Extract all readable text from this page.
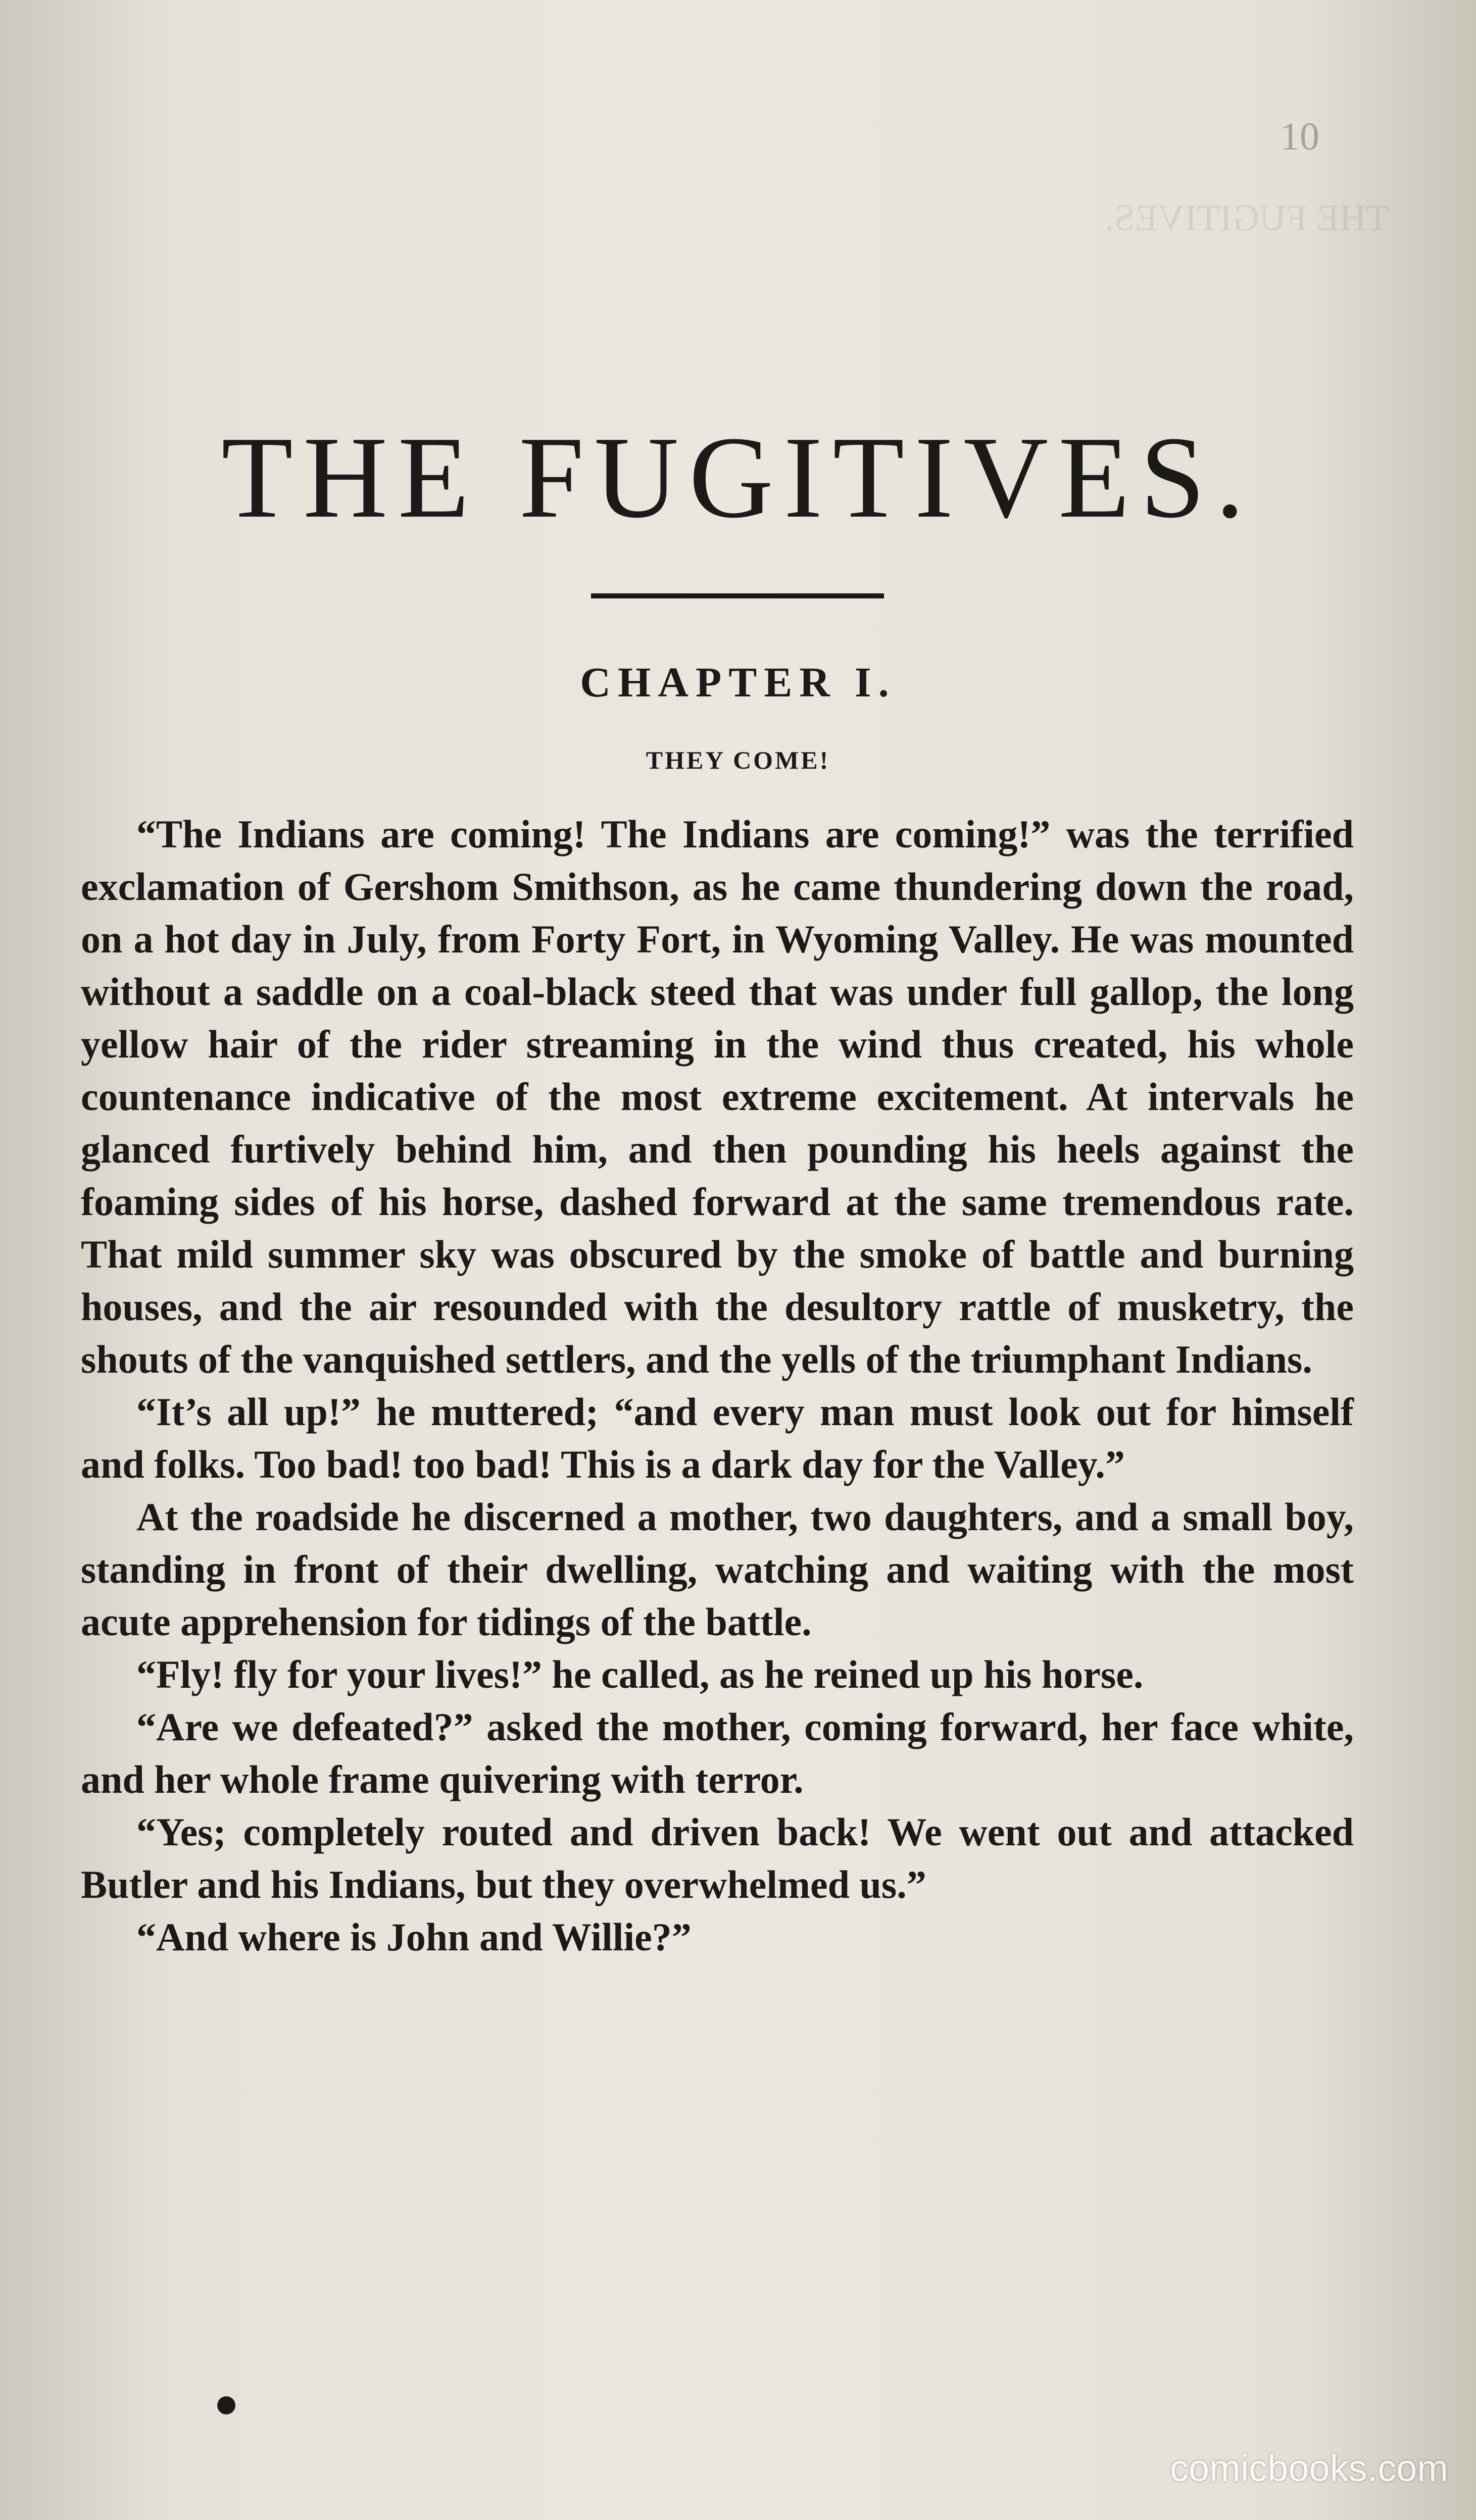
THE FUGITIVES.
10
THE FUGITIVES.
CHAPTER I.
THEY COME!

“The Indians are coming! The Indians are coming!” was the terrified exclamation of Gershom Smithson, as he came thundering down the road, on a hot day in July, from Forty Fort, in Wyoming Valley. He was mounted without a saddle on a coal-black steed that was under full gallop, the long yellow hair of the rider streaming in the wind thus created, his whole countenance indicative of the most extreme excitement. At intervals he glanced furtively behind him, and then pounding his heels against the foaming sides of his horse, dashed forward at the same tremendous rate. That mild summer sky was obscured by the smoke of battle and burning houses, and the air resounded with the desultory rattle of musketry, the shouts of the vanquished settlers, and the yells of the triumphant Indians.

“It’s all up!” he muttered; “and every man must look out for himself and folks. Too bad! too bad! This is a dark day for the Valley.”

At the roadside he discerned a mother, two daughters, and a small boy, standing in front of their dwelling, watching and waiting with the most acute apprehension for tidings of the battle.

“Fly! fly for your lives!” he called, as he reined up his horse.

“Are we defeated?” asked the mother, coming forward, her face white, and her whole frame quivering with terror.

“Yes; completely routed and driven back! We went out and attacked Butler and his Indians, but they overwhelmed us.”

“And where is John and Willie?”

comicbooks.com
